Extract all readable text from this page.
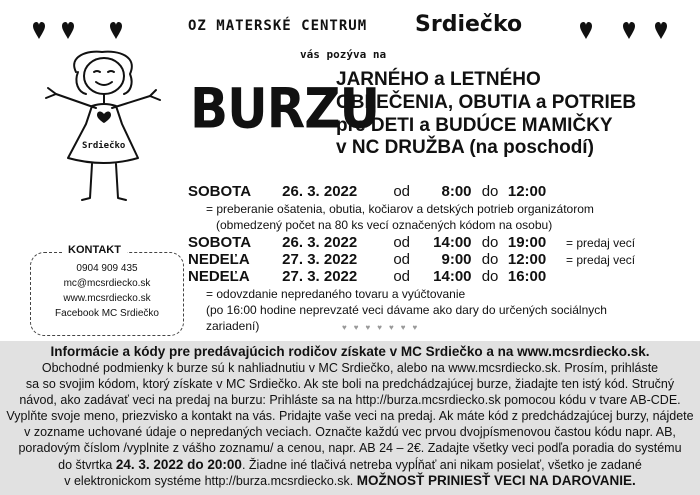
OZ MATERSKÉ CENTRUM Srdiečko
vás pozýva na
BURZU
JARNÉHO a LETNÉHO
OBLEČENIA, OBUTIA a POTRIEB
pre DETI a BUDÚCE MAMIČKY
v NC DRUŽBA (na poschodí)
Srdiečko
SOBOTA 26. 3. 2022 od 8:00 do 12:00
= preberanie ošatenia, obutia, kočiarov a detských potrieb organizátorom
(obmedzený počet na 80 ks vecí označených kódom na osobu)
SOBOTA 26. 3. 2022 od 14:00 do 19:00 = predaj vecí
NEDEĽA 27. 3. 2022 od 9:00 do 12:00 = predaj vecí
NEDEĽA 27. 3. 2022 od 14:00 do 16:00
= odovzdanie nepredaného tovaru a vyúčtovanie
(po 16:00 hodine neprevzaté veci dávame ako dary do určených sociálnych
zariadení)	♥♥♥♥♥♥♥
0904 909 435
mc@mcsrdiecko.sk
www.mcsrdiecko.sk
Facebook MC Srdiečko
KONTAKT
Informácie a kódy pre predávajúcich rodičov získate v MC Srdiečko a na www.mcsrdiecko.sk.
Obchodné podmienky k burze sú k nahliadnutiu v MC Srdiečko, alebo na www.mcsrdiecko.sk. Prosím, prihláste
sa so svojim kódom, ktorý získate v MC Srdiečko. Ak ste boli na predchádzajúcej burze, žiadajte ten istý kód. Stručný
návod, ako zadávať veci na predaj na burzu: Prihláste sa na http://burza.mcsrdiecko.sk pomocou kódu v tvare AB-CDE.
Vyplňte svoje meno, priezvisko a kontakt na vás. Pridajte vaše veci na predaj. Ak máte kód z predchádzajúcej burzy, nájdete
v zozname uchované údaje o nepredaných veciach. Označte každú vec prvou dvojpísmenovou častou kódu napr. AB,
poradovým číslom /vyplnite z vášho zoznamu/ a cenou, napr. AB 24 – 2€. Zadajte všetky veci podľa poradia do systému
do štvrtka 24. 3. 2022 do 20:00. Žiadne iné tlačivá netreba vypĺňať ani nikam posielať, všetko je zadané
v elektronickom systéme http://burza.mcsrdiecko.sk. MOŽNOSŤ PRINIESŤ VECI NA DAROVANIE.
